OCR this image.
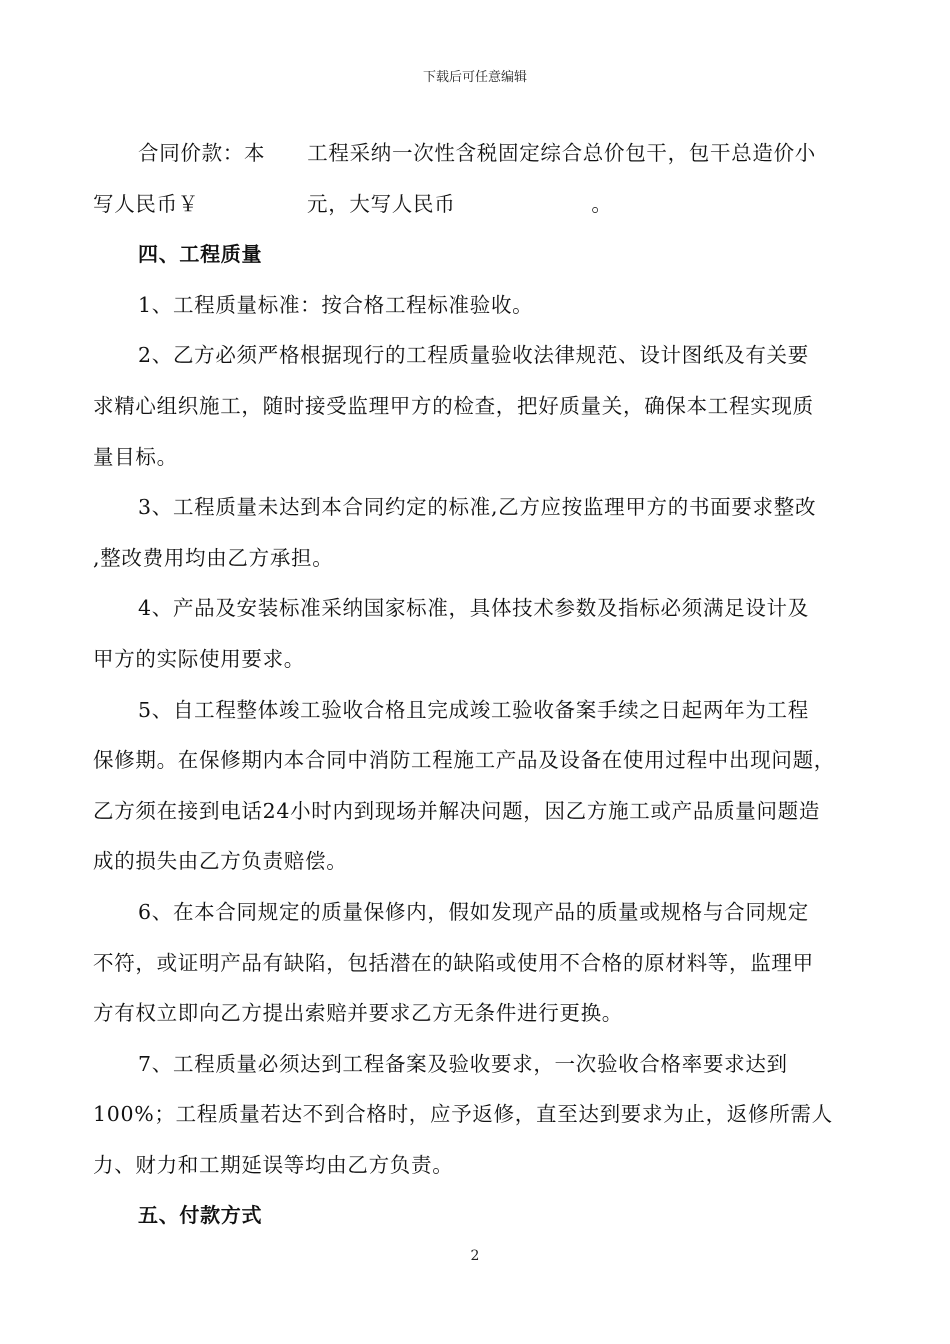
下载后可任意编辑
合同价款：本 工程采纳一次性含税固定综合总价包干，包干总造价小
写人民币￥	元，大写人民币	。
四、工程质量
1、工程质量标准：按合格工程标准验收。
2、乙方必须严格根据现行的工程质量验收法律规范、设计图纸及有关要
求精心组织施工，随时接受监理甲方的检查，把好质量关，确保本工程实现质
量目标。
3、工程质量未达到本合同约定的标准,乙方应按监理甲方的书面要求整改
,整改费用均由乙方承担。
4、产品及安装标准采纳国家标准，具体技术参数及指标必须满足设计及
甲方的实际使用要求。
5、自工程整体竣工验收合格且完成竣工验收备案手续之日起两年为工程
保修期。在保修期内本合同中消防工程施工产品及设备在使用过程中出现问题，
乙方须在接到电话24小时内到现场并解决问题，因乙方施工或产品质量问题造
成的损失由乙方负责赔偿。
6、在本合同规定的质量保修内，假如发现产品的质量或规格与合同规定
不符，或证明产品有缺陷，包括潜在的缺陷或使用不合格的原材料等，监理甲
方有权立即向乙方提出索赔并要求乙方无条件进行更换。
7、工程质量必须达到工程备案及验收要求，一次验收合格率要求达到
100%；工程质量若达不到合格时，应予返修，直至达到要求为止，返修所需人
力、财力和工期延误等均由乙方负责。
五、付款方式
2
